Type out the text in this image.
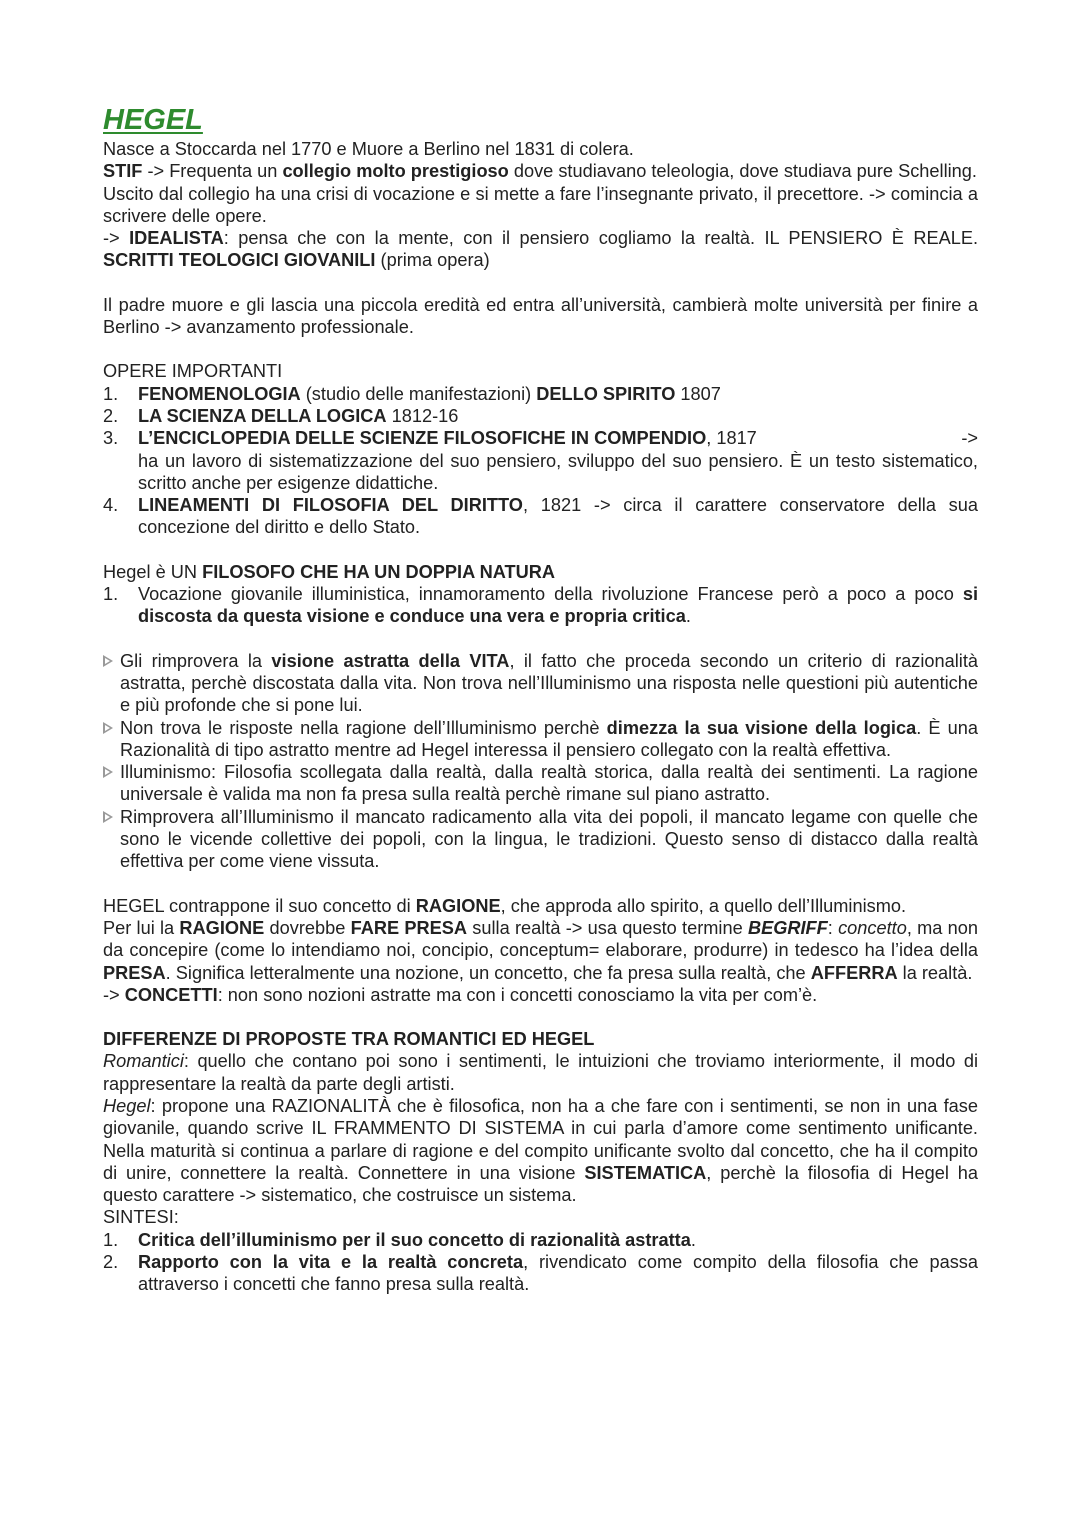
HEGEL

Nasce a Stoccarda nel 1770 e Muore a Berlino nel 1831 di colera.

STIF -> Frequenta un collegio molto prestigioso dove studiavano teleologia, dove studiava pure Schelling.

Uscito dal collegio ha una crisi di vocazione e si mette a fare l’insegnante privato, il precettore. -> comincia a scrivere delle opere.

-> IDEALISTA: pensa che con la mente, con il pensiero cogliamo la realtà. IL PENSIERO È REALE. SCRITTI TEOLOGICI GIOVANILI (prima opera)

Il padre muore e gli lascia una piccola eredità ed entra all’università, cambierà molte università per finire a Berlino -> avanzamento professionale.

OPERE IMPORTANTI

1. FENOMENOLOGIA (studio delle manifestazioni) DELLO SPIRITO 1807
2. LA SCIENZA DELLA LOGICA 1812-16
3.	->
L’ENCICLOPEDIA DELLE SCIENZE FILOSOFICHE IN COMPENDIO, 1817
ha un lavoro di sistematizzazione del suo pensiero, sviluppo del suo pensiero. È un testo sistematico, scritto anche per esigenze didattiche.
4. LINEAMENTI DI FILOSOFIA DEL DIRITTO, 1821 -> circa il carattere conservatore della sua concezione del diritto e dello Stato.

Hegel è UN FILOSOFO CHE HA UN DOPPIA NATURA

1. Vocazione giovanile illuministica, innamoramento della rivoluzione Francese però a poco a poco si discosta da questa visione e conduce una vera e propria critica.
Gli rimprovera la visione astratta della VITA, il fatto che proceda secondo un criterio di razionalità astratta, perchè discostata dalla vita. Non trova nell’Illuminismo una risposta nelle questioni più autentiche e più profonde che si pone lui.
Non trova le risposte nella ragione dell’Illuminismo perchè dimezza la sua visione della logica. È una Razionalità di tipo astratto mentre ad Hegel interessa il pensiero collegato con la realtà effettiva.
Illuminismo: Filosofia scollegata dalla realtà, dalla realtà storica, dalla realtà dei sentimenti. La ragione universale è valida ma non fa presa sulla realtà perchè rimane sul piano astratto.
Rimprovera all’Illuminismo il mancato radicamento alla vita dei popoli, il mancato legame con quelle che sono le vicende collettive dei popoli, con la lingua, le tradizioni. Questo senso di distacco dalla realtà effettiva per come viene vissuta.

HEGEL contrappone il suo concetto di RAGIONE, che approda allo spirito, a quello dell’Illuminismo.

Per lui la RAGIONE dovrebbe FARE PRESA sulla realtà -> usa questo termine BEGRIFF: concetto, ma non da concepire (come lo intendiamo noi, concipio, conceptum= elaborare, produrre) in tedesco ha l’idea della PRESA. Significa letteralmente una nozione, un concetto, che fa presa sulla realtà, che AFFERRA la realtà.

-> CONCETTI: non sono nozioni astratte ma con i concetti conosciamo la vita per com’è.

DIFFERENZE DI PROPOSTE TRA ROMANTICI ED HEGEL

Romantici: quello che contano poi sono i sentimenti, le intuizioni che troviamo interiormente, il modo di rappresentare la realtà da parte degli artisti.

Hegel: propone una RAZIONALITÀ che è filosofica, non ha a che fare con i sentimenti, se non in una fase giovanile, quando scrive IL FRAMMENTO DI SISTEMA in cui parla d’amore come sentimento unificante. Nella maturità si continua a parlare di ragione e del compito unificante svolto dal concetto, che ha il compito di unire, connettere la realtà. Connettere in una visione SISTEMATICA, perchè la filosofia di Hegel ha questo carattere -> sistematico, che costruisce un sistema.

SINTESI:

1. Critica dell’illuminismo per il suo concetto di razionalità astratta.
2. Rapporto con la vita e la realtà concreta, rivendicato come compito della filosofia che passa attraverso i concetti che fanno presa sulla realtà.
